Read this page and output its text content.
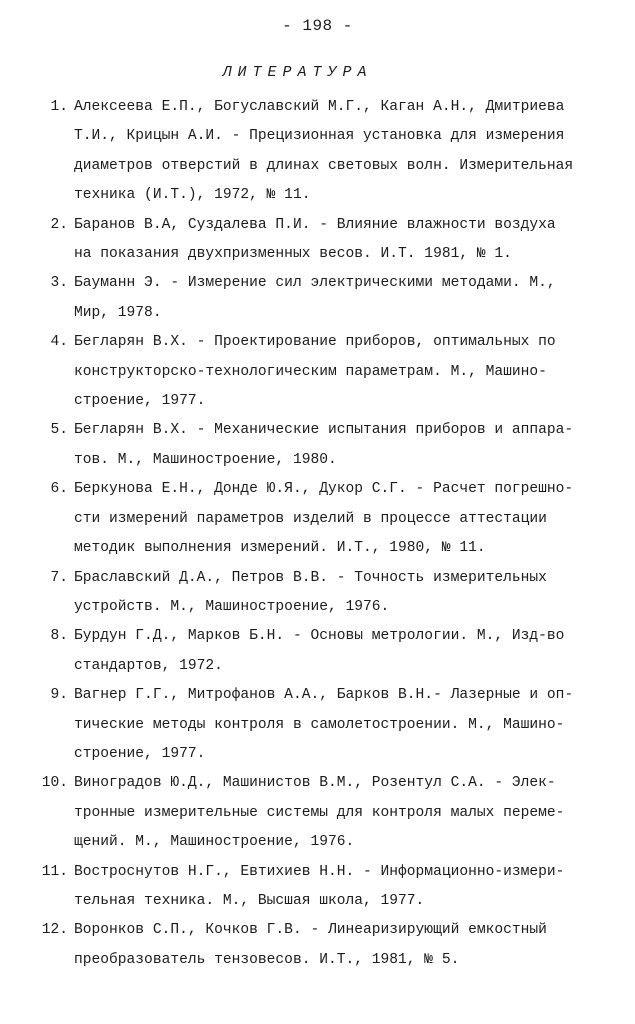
- 198 -
ЛИТЕРАТУРА
1. Алексеева Е.П., Богуславский М.Г., Каган А.Н., Дмитриева
Т.И., Крицын А.И. - Прецизионная установка для измерения
диаметров отверстий в длинах световых волн. Измерительная
техника (И.Т.), 1972, № 11.
2. Баранов В.А, Суздалева П.И. - Влияние влажности воздуха
на показания двухпризменных весов. И.Т. 1981, № 1.
3. Бауманн Э. - Измерение сил электрическими методами. М.,
Мир, 1978.
4. Бегларян В.Х. - Проектирование приборов, оптимальных по
конструкторско-технологическим параметрам. М., Машино-
строение, 1977.
5. Бегларян В.Х. - Механические испытания приборов и аппара-
тов. М., Машиностроение, 1980.
6. Беркунова Е.Н., Донде Ю.Я., Дукор С.Г. - Расчет погрешно-
сти измерений параметров изделий в процессе аттестации
методик выполнения измерений. И.Т., 1980, № 11.
7. Браславский Д.А., Петров В.В. - Точность измерительных
устройств. М., Машиностроение, 1976.
8. Бурдун Г.Д., Марков Б.Н. - Основы метрологии. М., Изд-во
стандартов, 1972.
9. Вагнер Г.Г., Митрофанов А.А., Барков В.Н.- Лазерные и оп-
тические методы контроля в самолетостроении. М., Машино-
строение, 1977.
10. Виноградов Ю.Д., Машинистов В.М., Розентул С.А. - Элек-
тронные измерительные системы для контроля малых переме-
щений. М., Машиностроение, 1976.
11. Востроснутов Н.Г., Евтихиев Н.Н. - Информационно-измери-
тельная техника. М., Высшая школа, 1977.
12. Воронков С.П., Кочков Г.В. - Линеаризирующий емкостный
преобразователь тензовесов. И.Т., 1981, № 5.
